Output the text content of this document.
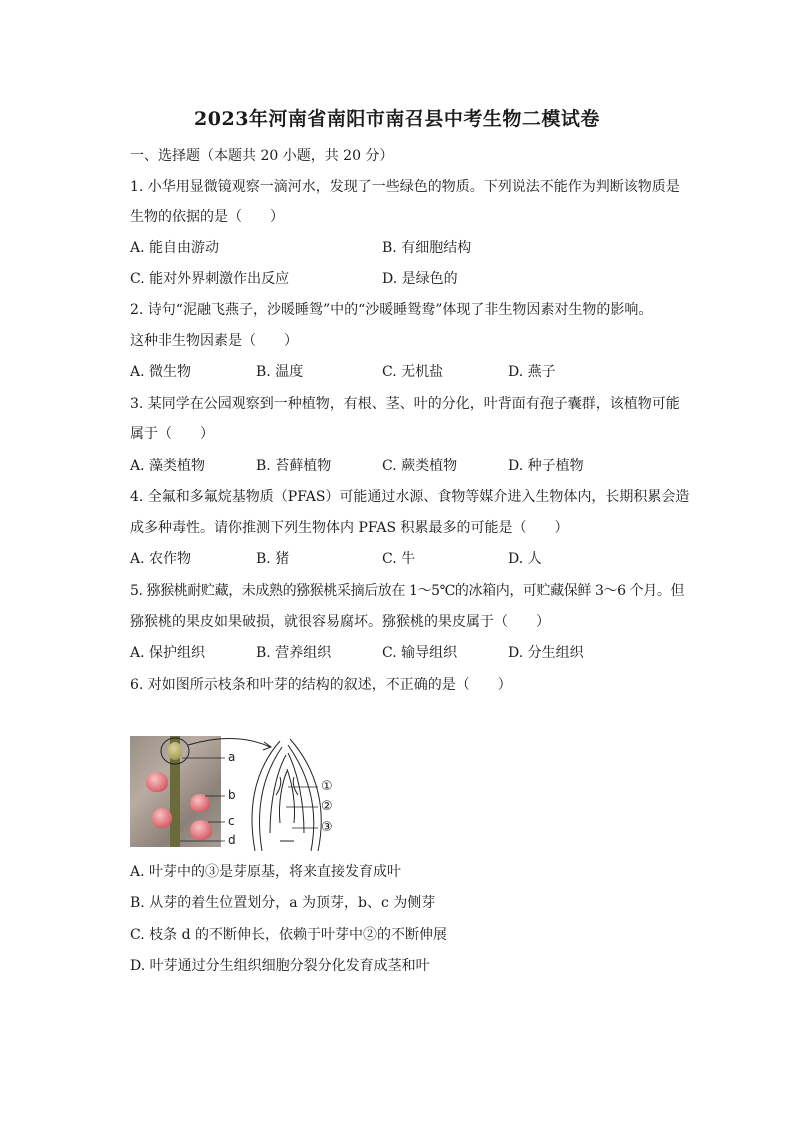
2023年河南省南阳市南召县中考生物二模试卷
一、选择题（本题共 20 小题，共 20 分）
1. 小华用显微镜观察一滴河水，发现了一些绿色的物质。下列说法不能作为判断该物质是
生物的依据的是（　　）
A. 能自由游动	B. 有细胞结构
C. 能对外界刺激作出反应	D. 是绿色的
2. 诗句“泥融飞燕子，沙暖睡鸳”中的“沙暖睡鸳鸯”体现了非生物因素对生物的影响。
这种非生物因素是（　　）
A. 微生物	B. 温度	C. 无机盐	D. 燕子
3. 某同学在公园观察到一种植物，有根、茎、叶的分化，叶背面有孢子囊群，该植物可能
属于（　　）
A. 藻类植物	B. 苔藓植物	C. 蕨类植物	D. 种子植物
4. 全氟和多氟烷基物质（PFAS）可能通过水源、食物等媒介进入生物体内，长期积累会造
成多种毒性。请你推测下列生物体内 PFAS 积累最多的可能是（　　）
A. 农作物	B. 猪	C. 牛	D. 人
5. 猕猴桃耐贮藏，未成熟的猕猴桃采摘后放在 1～5℃的冰箱内，可贮藏保鲜 3～6 个月。但
猕猴桃的果皮如果破损，就很容易腐坏。猕猴桃的果皮属于（　　）
A. 保护组织	B. 营养组织	C. 输导组织	D. 分生组织
6. 对如图所示枝条和叶芽的结构的叙述，不正确的是（　　）
a
b
c
d
①
②
③
A. 叶芽中的③是芽原基，将来直接发育成叶
B. 从芽的着生位置划分，a 为顶芽，b、c 为侧芽
C. 枝条 d 的不断伸长，依赖于叶芽中②的不断伸展
D. 叶芽通过分生组织细胞分裂分化发育成茎和叶
